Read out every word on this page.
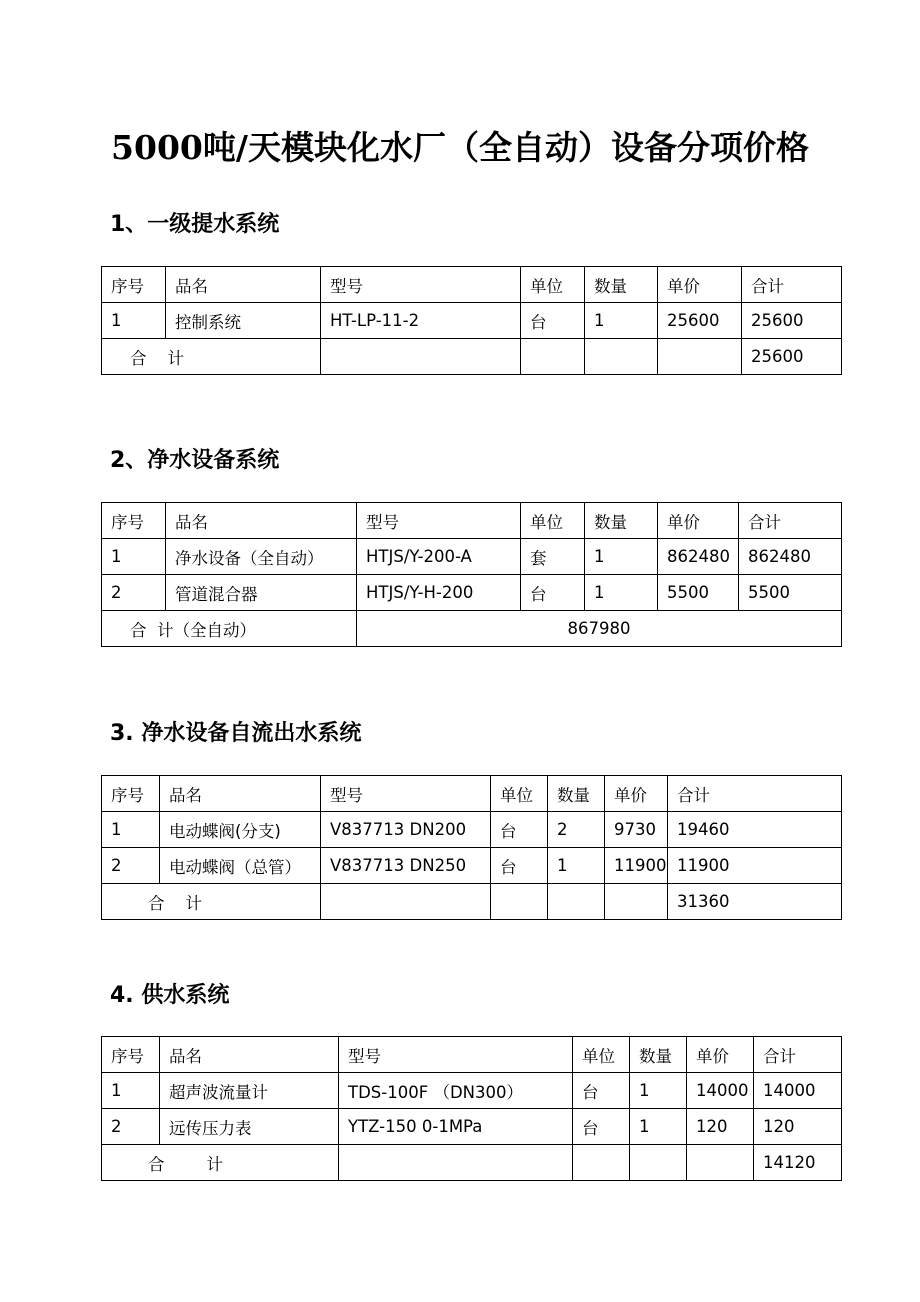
5000吨/天模块化水厂（全自动）设备分项价格
1、一级提水系统
序号	品名	型号	单位	数量	单价	合计
1	控制系统	HT-LP-11-2	台	1	25600	25600
合    计						25600
2、净水设备系统
序号	品名	型号	单位	数量	单价	合计
1	净水设备（全自动）	HTJS/Y-200-A	套	1	862480	862480
2	管道混合器	HTJS/Y-H-200	台	1	5500	5500
合  计（全自动）		867980				
3. 净水设备自流出水系统
序号	品名	型号	单位	数量	单价	合计
1	电动蝶阀(分支)	V837713 DN200	台	2	9730	19460
2	电动蝶阀（总管）	V837713 DN250	台	1	11900	11900
合    计						31360
4. 供水系统
序号	品名	型号	单位	数量	单价	合计
1	超声波流量计	TDS-100F （DN300）	台	1	14000	14000
2	远传压力表	YTZ-150 0-1MPa	台	1	120	120
合        计						14120
